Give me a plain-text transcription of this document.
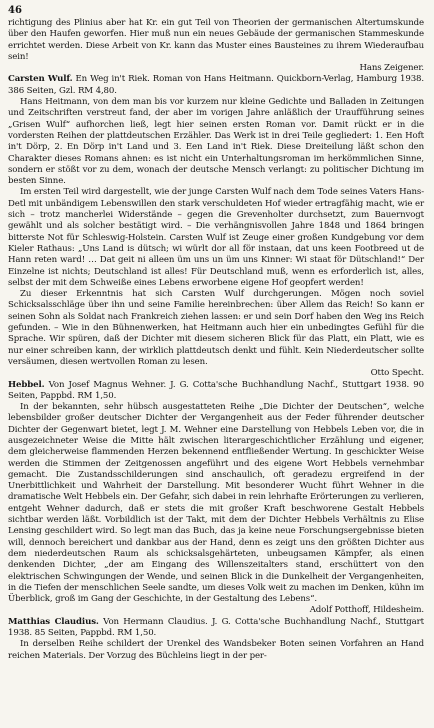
46

richtigung des Plinius aber hat Kr. ein gut Teil von Theorien der germanischen Altertumskunde über den Haufen geworfen. Hier muß nun ein neues Gebäude der germanischen Stammeskunde errichtet werden. Diese Arbeit von Kr. kann das Muster eines Bausteines zu ihrem Wiederaufbau sein!
Hans Zeigener.

Carsten Wulf. En Weg in't Riek. Roman von Hans Heitmann. Quickborn-Verlag, Hamburg 1938. 386 Seiten, Gzl. RM 4,80.

Hans Heitmann, von dem man bis vor kurzem nur kleine Gedichte und Balladen in Zeitungen und Zeitschriften verstreut fand, der aber im vorigen Jahre anläßlich der Uraufführung seines „Grisen Wulf“ aufhorchen ließ, legt hier seinen ersten Roman vor. Damit rückt er in die vordersten Reihen der plattdeutschen Erzähler. Das Werk ist in drei Teile gegliedert: 1. Een Hoft in't Dörp, 2. En Dörp in't Land und 3. Een Land in't Riek. Diese Dreiteilung läßt schon den Charakter dieses Romans ahnen: es ist nicht ein Unterhaltungsroman im herkömmlichen Sinne, sondern er stößt vor zu dem, wonach der deutsche Mensch verlangt: zu politischer Dichtung im besten Sinne.

Im ersten Teil wird dargestellt, wie der junge Carsten Wulf nach dem Tode seines Vaters Hans-Detl mit unbändigem Lebenswillen den stark verschuldeten Hof wieder ertragfähig macht, wie er sich – trotz mancherlei Widerstände – gegen die Grevenholter durchsetzt, zum Bauernvogt gewählt und als solcher bestätigt wird. – Die verhängnisvollen Jahre 1848 und 1864 bringen bitterste Not für Schleswig-Holstein. Carsten Wulf ist Zeuge einer großen Kundgebung vor dem Kieler Rathaus: „Uns Land is dütsch; wi würlt dor all för instaan, dat uns keen Footbreed ut de Hann reten ward! … Dat geit ni alleen üm uns un üm uns Kinner: Wi staat för Dütschland!“ Der Einzelne ist nichts; Deutschland ist alles! Für Deutschland muß, wenn es erforderlich ist, alles, selbst der mit dem Schweiße eines Lebens erworbene eigene Hof geopfert werden!

Zu dieser Erkenntnis hat sich Carsten Wulf durchgerungen. Mögen noch soviel Schicksalsschläge über ihn und seine Familie hereinbrechen: über Allem das Reich! So kann er seinen Sohn als Soldat nach Frankreich ziehen lassen: er und sein Dorf haben den Weg ins Reich gefunden. – Wie in den Bühnenwerken, hat Heitmann auch hier ein unbedingtes Gefühl für die Sprache. Wir spüren, daß der Dichter mit diesem sicheren Blick für das Platt, ein Platt, wie es nur einer schreiben kann, der wirklich plattdeutsch denkt und fühlt. Kein Niederdeutscher sollte versäumen, diesen wertvollen Roman zu lesen.
Otto Specht.

Hebbel. Von Josef Magnus Wehner. J. G. Cotta'sche Buchhandlung Nachf., Stuttgart 1938. 90 Seiten, Pappbd. RM 1,50.

In der bekannten, sehr hübsch ausgestatteten Reihe „Die Dichter der Deutschen“, welche lebensbilder großer deutscher Dichter der Vergangenheit aus der Feder führender deutscher Dichter der Gegenwart bietet, legt J. M. Wehner eine Darstellung von Hebbels Leben vor, die in ausgezeichneter Weise die Mitte hält zwischen literargeschichtlicher Erzählung und eigener, dem gleicherweise flammenden Herzen bekennend entfließender Wertung. In geschickter Weise werden die Stimmen der Zeitgenossen angeführt und des eigene Wort Hebbels vernehmbar gemacht. Die Zustandsschilderungen sind anschaulich, oft geradezu ergreifend in der Unerbittlichkeit und Wahrheit der Darstellung. Mit besonderer Wucht führt Wehner in die dramatische Welt Hebbels ein. Der Gefahr, sich dabei in rein lehrhafte Erörterungen zu verlieren, entgeht Wehner dadurch, daß er stets die mit großer Kraft beschworene Gestalt Hebbels sichtbar werden läßt. Vorbildlich ist der Takt, mit dem der Dichter Hebbels Verhältnis zu Elise Lensing geschildert wird. So legt man das Buch, das ja keine neue Forschungsergebnisse bieten will, dennoch bereichert und dankbar aus der Hand, denn es zeigt uns den größten Dichter aus dem niederdeutschen Raum als schicksalsgehärteten, unbeugsamen Kämpfer, als einen denkenden Dichter, „der am Eingang des Willenszeitalters stand, erschüttert von den elektrischen Schwingungen der Wende, und seinen Blick in die Dunkelheit der Vergangenheiten, in die Tiefen der menschlichen Seele sandte, um dieses Volk weit zu machen im Denken, kühn im Überblick, groß im Gang der Geschichte, in der Gestaltung des Lebens“.
Adolf Potthoff, Hildesheim.

Matthias Claudius. Von Hermann Claudius. J. G. Cotta'sche Buchhandlung Nachf., Stuttgart 1938. 85 Seiten, Pappbd. RM 1,50.

In derselben Reihe schildert der Urenkel des Wandsbeker Boten seinen Vorfahren an Hand reichen Materials. Der Vorzug des Büchleins liegt in der per-
